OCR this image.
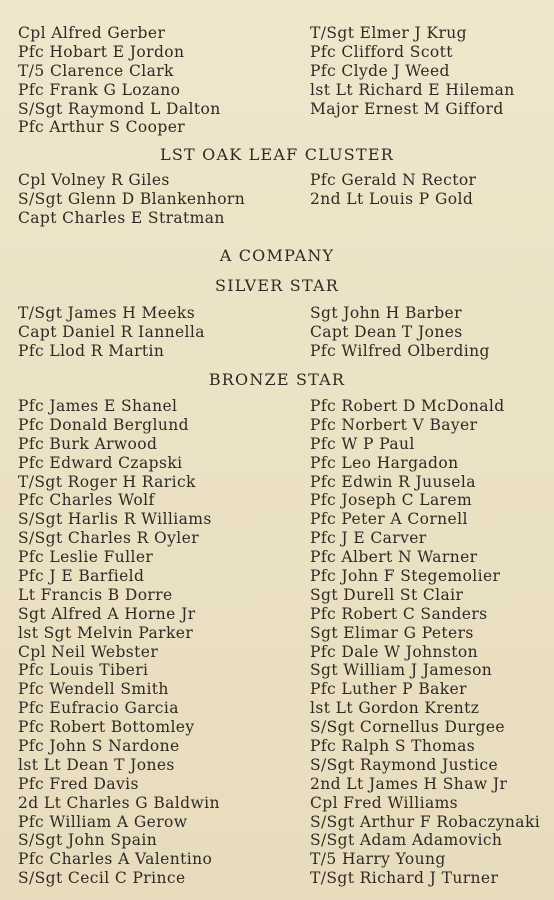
Cpl Alfred Gerber
Pfc Hobart E Jordon
T/5 Clarence Clark
Pfc Frank G Lozano
S/Sgt Raymond L Dalton
Pfc Arthur S Cooper
T/Sgt Elmer J Krug
Pfc Clifford Scott
Pfc Clyde J Weed
lst Lt Richard E Hileman
Major Ernest M Gifford
LST OAK LEAF CLUSTER
Cpl Volney R Giles
S/Sgt Glenn D Blankenhorn
Capt Charles E Stratman
Pfc Gerald N Rector
2nd Lt Louis P Gold
A COMPANY
SILVER STAR
T/Sgt James H Meeks
Capt Daniel R Iannella
Pfc Llod R Martin
Sgt John H Barber
Capt Dean T Jones
Pfc Wilfred Olberding
BRONZE STAR
Pfc James E Shanel
Pfc Donald Berglund
Pfc Burk Arwood
Pfc Edward Czapski
T/Sgt Roger H Rarick
Pfc Charles Wolf
S/Sgt Harlis R Williams
S/Sgt Charles R Oyler
Pfc Leslie Fuller
Pfc J E Barfield
Lt Francis B Dorre
Sgt Alfred A Horne Jr
lst Sgt Melvin Parker
Cpl Neil Webster
Pfc Louis Tiberi
Pfc Wendell Smith
Pfc Eufracio Garcia
Pfc Robert Bottomley
Pfc John S Nardone
lst Lt Dean T Jones
Pfc Fred Davis
2d Lt Charles G Baldwin
Pfc William A Gerow
S/Sgt John Spain
Pfc Charles A Valentino
S/Sgt Cecil C Prince
Pfc Robert D McDonald
Pfc Norbert V Bayer
Pfc W P Paul
Pfc Leo Hargadon
Pfc Edwin R Juusela
Pfc Joseph C Larem
Pfc Peter A Cornell
Pfc J E Carver
Pfc Albert N Warner
Pfc John F Stegemolier
Sgt Durell St Clair
Pfc Robert C Sanders
Sgt Elimar G Peters
Pfc Dale W Johnston
Sgt William J Jameson
Pfc Luther P Baker
lst Lt Gordon Krentz
S/Sgt Cornellus Durgee
Pfc Ralph S Thomas
S/Sgt Raymond Justice
2nd Lt James H Shaw Jr
Cpl Fred Williams
S/Sgt Arthur F Robaczynaki
S/Sgt Adam Adamovich
T/5 Harry Young
T/Sgt Richard J Turner
